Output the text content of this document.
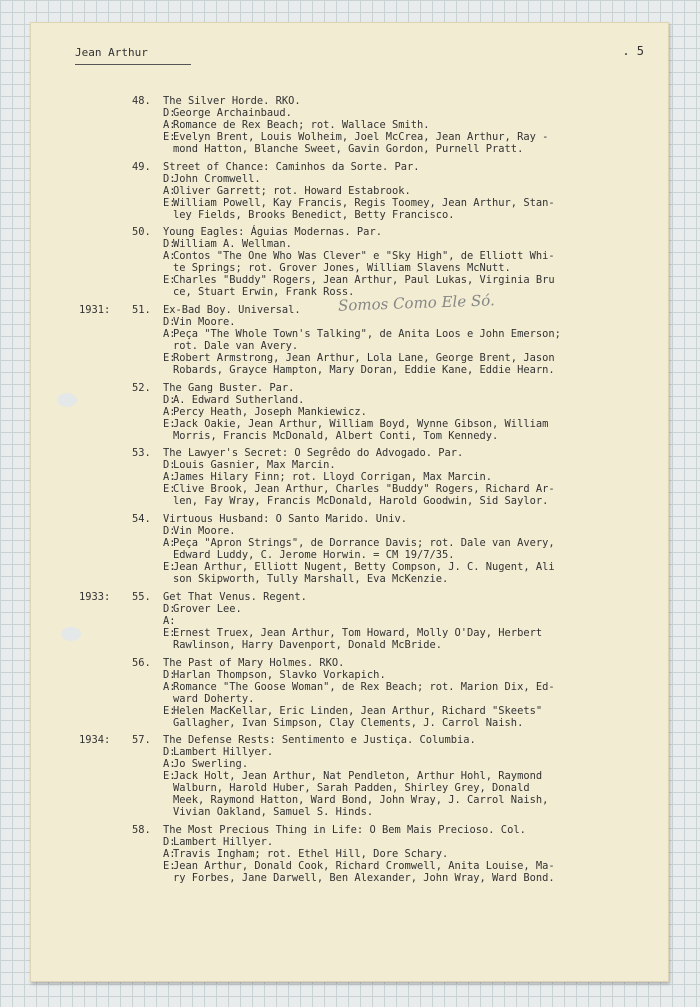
Jean Arthur	. 5
48.	The Silver Horde. RKO.
D:
George Archainbaud.
A:
Romance de Rex Beach; rot. Wallace Smith.
E:
Evelyn Brent, Louis Wolheim, Joel McCrea, Jean Arthur, Ray -
mond Hatton, Blanche Sweet, Gavin Gordon, Purnell Pratt.
49.	Street of Chance: Caminhos da Sorte. Par.
D:
John Cromwell.
A:
Oliver Garrett; rot. Howard Estabrook.
E:
William Powell, Kay Francis, Regis Toomey, Jean Arthur, Stan-
ley Fields, Brooks Benedict, Betty Francisco.
50.	Young Eagles: Águias Modernas. Par.
D:
William A. Wellman.
A:
Contos "The One Who Was Clever" e "Sky High", de Elliott Whi-
te Springs; rot. Grover Jones, William Slavens McNutt.
E:
Charles "Buddy" Rogers, Jean Arthur, Paul Lukas, Virginia Bru
ce, Stuart Erwin, Frank Ross.
1931: 51.	Ex-Bad Boy. Universal.	Somos Como Ele Só.
D:
Vin Moore.
A:
Peça "The Whole Town's Talking", de Anita Loos e John Emerson;
rot. Dale van Avery.
E:
Robert Armstrong, Jean Arthur, Lola Lane, George Brent, Jason
Robards, Grayce Hampton, Mary Doran, Eddie Kane, Eddie Hearn.
52.	The Gang Buster. Par.
D:
A. Edward Sutherland.
A:
Percy Heath, Joseph Mankiewicz.
E:
Jack Oakie, Jean Arthur, William Boyd, Wynne Gibson, William
Morris, Francis McDonald, Albert Conti, Tom Kennedy.
53.	The Lawyer's Secret: O Segrêdo do Advogado. Par.
D:
Louis Gasnier, Max Marcin.
A:
James Hilary Finn; rot. Lloyd Corrigan, Max Marcin.
E:
Clive Brook, Jean Arthur, Charles "Buddy" Rogers, Richard Ar-
len, Fay Wray, Francis McDonald, Harold Goodwin, Sid Saylor.
54.	Virtuous Husband: O Santo Marido. Univ.
D:
Vin Moore.
A:
Peça "Apron Strings", de Dorrance Davis; rot. Dale van Avery,
Edward Luddy, C. Jerome Horwin. = CM 19/7/35.
E:
Jean Arthur, Elliott Nugent, Betty Compson, J. C. Nugent, Ali
son Skipworth, Tully Marshall, Eva McKenzie.
1933: 55.	Get That Venus. Regent.
D:
Grover Lee.
A:

E:
Ernest Truex, Jean Arthur, Tom Howard, Molly O'Day, Herbert
Rawlinson, Harry Davenport, Donald McBride.
56.	The Past of Mary Holmes. RKO.
D:
Harlan Thompson, Slavko Vorkapich.
A:
Romance "The Goose Woman", de Rex Beach; rot. Marion Dix, Ed-
ward Doherty.
E:
Helen MacKellar, Eric Linden, Jean Arthur, Richard "Skeets"
Gallagher, Ivan Simpson, Clay Clements, J. Carrol Naish.
1934: 57.	The Defense Rests: Sentimento e Justiça. Columbia.
D:
Lambert Hillyer.
A:
Jo Swerling.
E:
Jack Holt, Jean Arthur, Nat Pendleton, Arthur Hohl, Raymond
Walburn, Harold Huber, Sarah Padden, Shirley Grey, Donald
Meek, Raymond Hatton, Ward Bond, John Wray, J. Carrol Naish,
Vivian Oakland, Samuel S. Hinds.
58.	The Most Precious Thing in Life: O Bem Mais Precioso. Col.
D:
Lambert Hillyer.
A:
Travis Ingham; rot. Ethel Hill, Dore Schary.
E:
Jean Arthur, Donald Cook, Richard Cromwell, Anita Louise, Ma-
ry Forbes, Jane Darwell, Ben Alexander, John Wray, Ward Bond.
